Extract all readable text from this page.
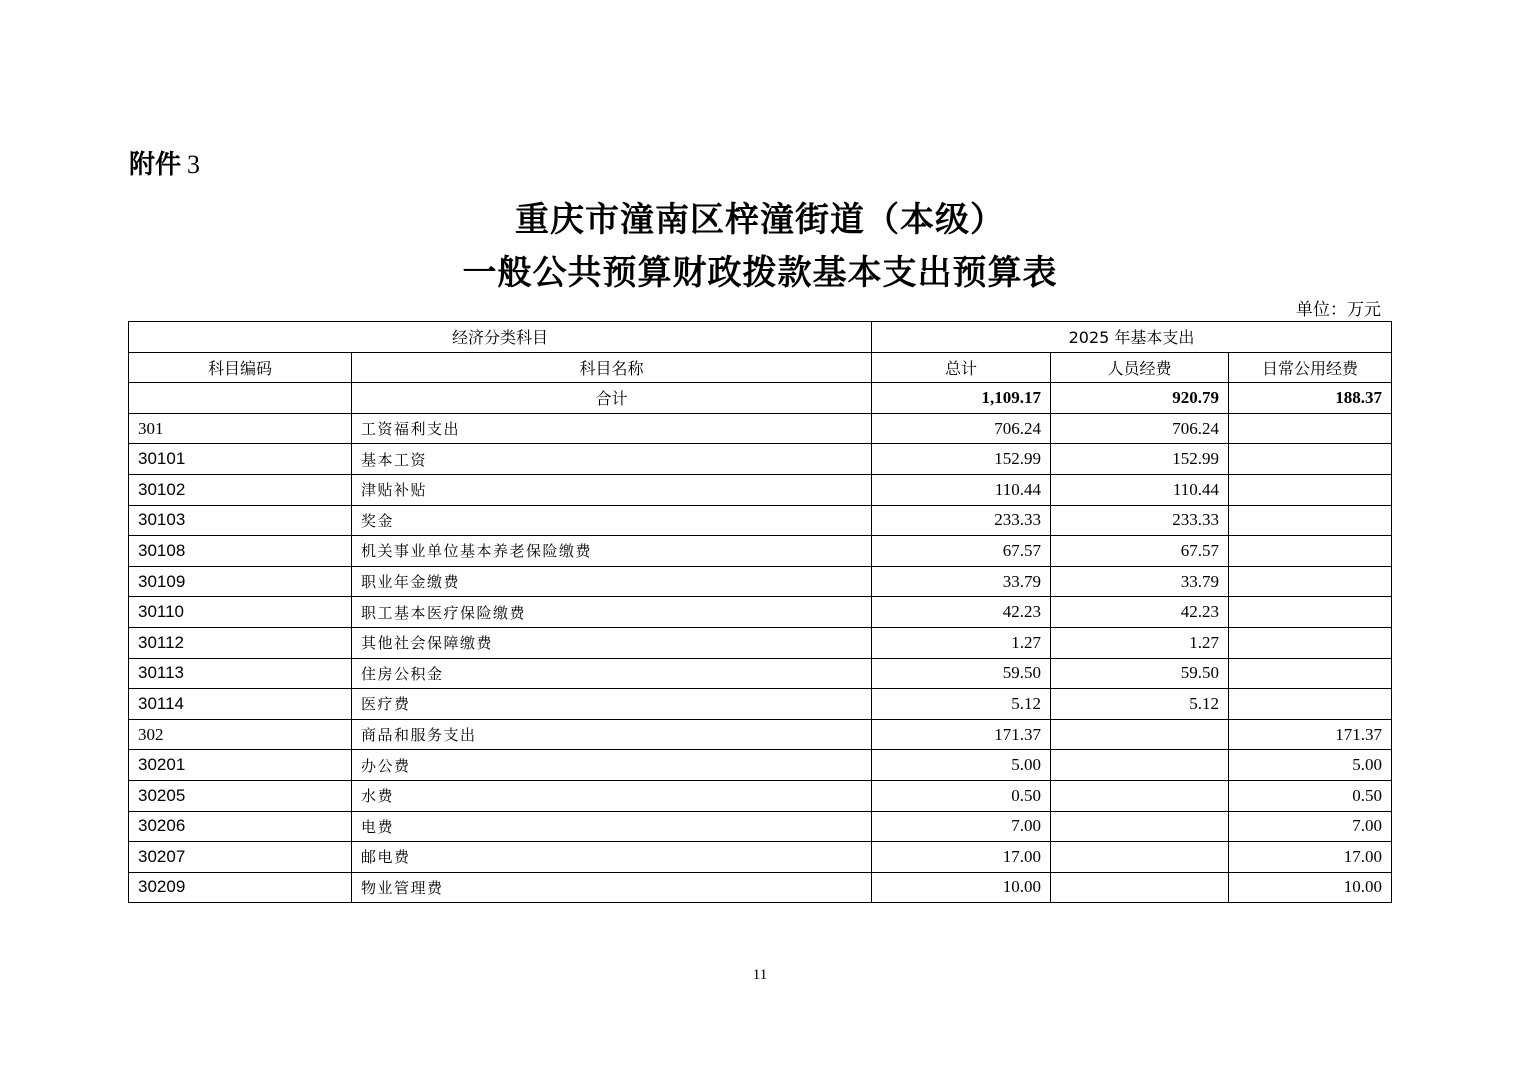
附件 3
重庆市潼南区梓潼街道（本级）
一般公共预算财政拨款基本支出预算表
单位：万元
经济分类科目		2025 年基本支出		
科目编码	科目名称	总计	人员经费	日常公用经费
	合计	1,109.17	920.79	188.37
301	工资福利支出	706.24	706.24	
30101	基本工资	152.99	152.99	
30102	津贴补贴	110.44	110.44	
30103	奖金	233.33	233.33	
30108	机关事业单位基本养老保险缴费	67.57	67.57	
30109	职业年金缴费	33.79	33.79	
30110	职工基本医疗保险缴费	42.23	42.23	
30112	其他社会保障缴费	1.27	1.27	
30113	住房公积金	59.50	59.50	
30114	医疗费	5.12	5.12	
302	商品和服务支出	171.37		171.37
30201	办公费	5.00		5.00
30205	水费	0.50		0.50
30206	电费	7.00		7.00
30207	邮电费	17.00		17.00
30209	物业管理费	10.00		10.00
11
